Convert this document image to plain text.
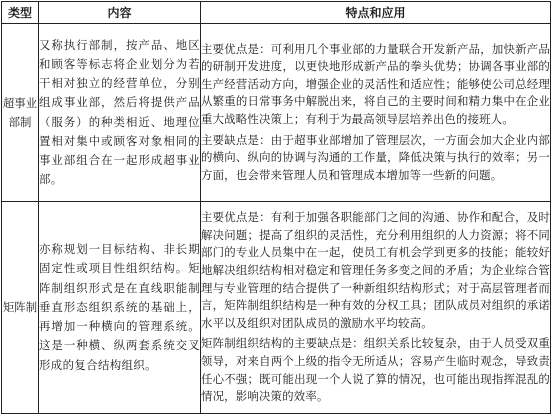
类型	内容	特点和应用
超事业部制	又称执行部制，按产品、地区和顾客等标志将企业划分为若干相对独立的经营单位，分别组成事业部，然后将提供产品（服务）的种类相近、地理位置相对集中或顾客对象相同的事业部组合在一起形成超事业部。	主要优点是：可利用几个事业部的力量联合开发新产品，加快新产品的研制开发进度，以更快地形成新产品的拳头优势；协调各事业部的生产经营活动方向，增强企业的灵活性和适应性；能够使公司总经理从繁重的日常事务中解脱出来，将自己的主要时间和精力集中在企业重大战略性决策上；有利于为最高领导层培养出色的接班人。

主要缺点是：由于超事业部增加了管理层次，一方面会加大企业内部的横向、纵向的协调与沟通的工作量，降低决策与执行的效率；另一方面，也会带来管理人员和管理成本增加等一些新的问题。

矩阵制	亦称规划一目标结构、非长期固定性或项目性组织结构。矩阵制组织形式是在直线职能制垂直形态组织系统的基础上，再增加一种横向的管理系统。这是一种横、纵两套系统交叉形成的复合结构组织。	主要优点是：有利于加强各职能部门之间的沟通、协作和配合，及时解决问题；提高了组织的灵活性，充分利用组织的人力资源；将不同部门的专业人员集中在一起，使员工有机会学到更多的技能；能较好地解决组织结构相对稳定和管理任务多变之间的矛盾；为企业综合管理与专业管理的结合提供了一种新组织结构形式；对于高层管理者而言，矩阵制组织结构是一种有效的分权工具；团队成员对组织的承诺水平以及组织对团队成员的激励水平均较高。

矩阵制组织结构的主要缺点是：组织关系比较复杂，由于人员受双重领导，对来自两个上级的指令无所适从；容易产生临时观念，导致责任心不强；既可能出现一个人说了算的情况，也可能出现指挥混乱的情况，影响决策的效率。
